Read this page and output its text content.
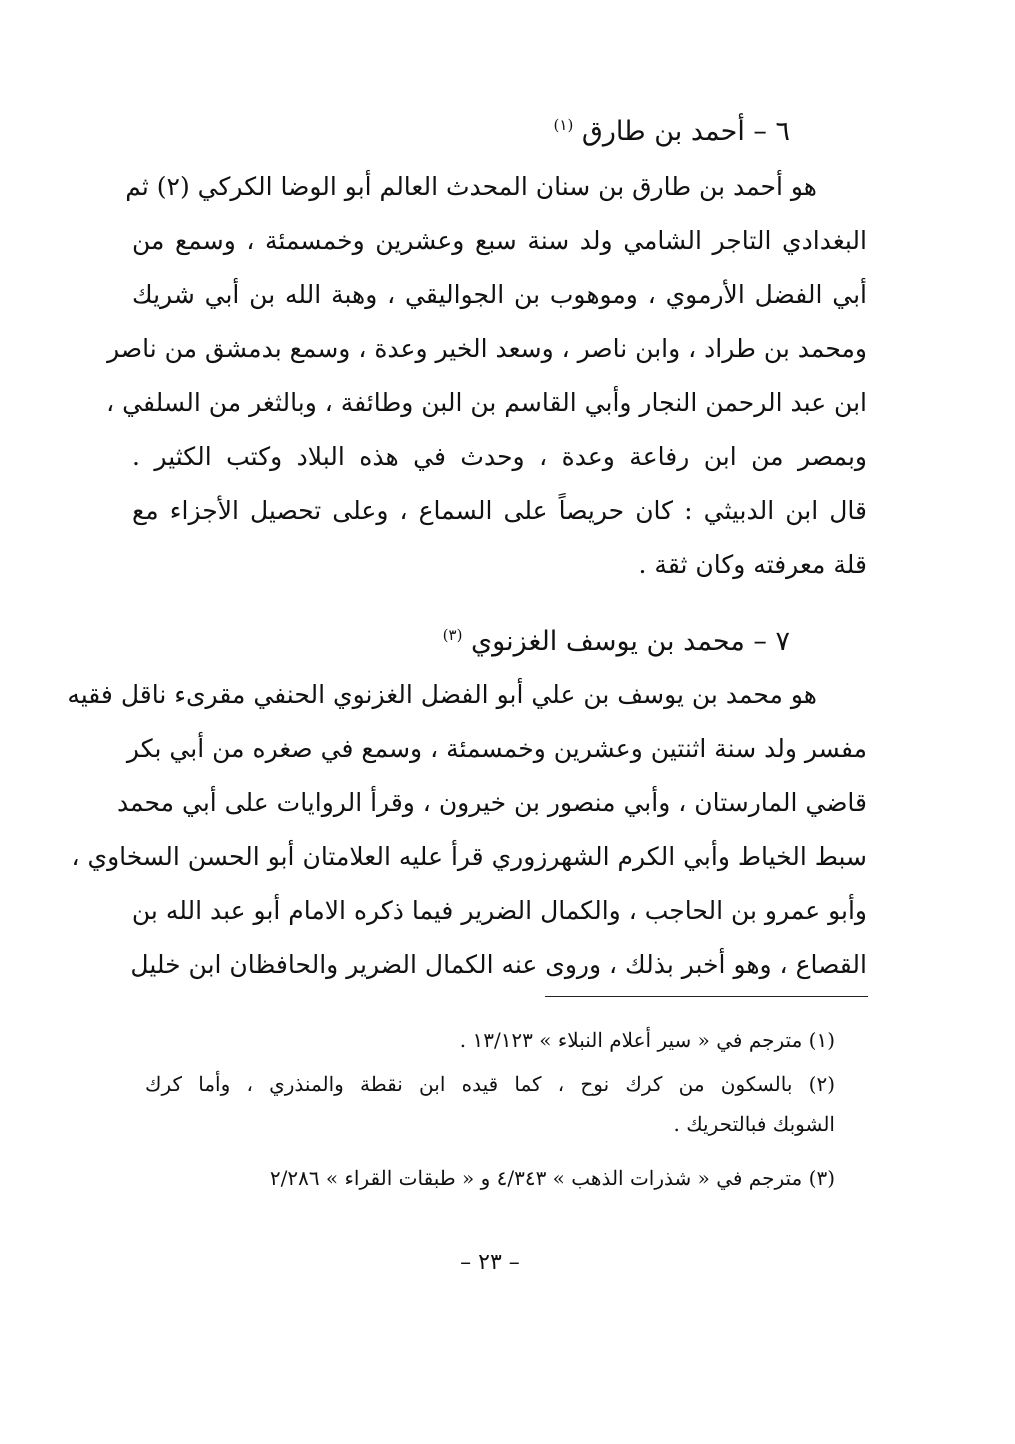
٦ – أحمد بن طارق $^{(١)}$
هو أحمد بن طارق بن سنان المحدث العالم أبو الوضا الكركي (٢) ثم
البغدادي التاجر الشامي ولد سنة سبع وعشرين وخمسمئة ، وسمع من
أبي الفضل الأرموي ، وموهوب بن الجواليقي ، وهبة الله بن أبي شريك
ومحمد بن طراد ، وابن ناصر ، وسعد الخير وعدة ، وسمع بدمشق من ناصر
ابن عبد الرحمن النجار وأبي القاسم بن البن وطائفة ، وبالثغر من السلفي ،
وبمصر من ابن رفاعة وعدة ، وحدث في هذه البلاد وكتب الكثير .
قال ابن الدبيثي : كان حريصاً على السماع ، وعلى تحصيل الأجزاء مع
قلة معرفته وكان ثقة .
٧ – محمد بن يوسف الغزنوي $^{(٣)}$
هو محمد بن يوسف بن علي أبو الفضل الغزنوي الحنفي مقرىء ناقل فقيه
مفسر ولد سنة اثنتين وعشرين وخمسمئة ، وسمع في صغره من أبي بكر
قاضي المارستان ، وأبي منصور بن خيرون ، وقرأ الروايات على أبي محمد
سبط الخياط وأبي الكرم الشهرزوري قرأ عليه العلامتان أبو الحسن السخاوي ،
وأبو عمرو بن الحاجب ، والكمال الضرير فيما ذكره الامام أبو عبد الله بن
القصاع ، وهو أخبر بذلك ، وروى عنه الكمال الضرير والحافظان ابن خليل
(١) مترجم في « سير أعلام النبلاء » ١٣/١٢٣ .
(٢) بالسكون من كرك نوح ، كما قيده ابن نقطة والمنذري ، وأما كرك
الشوبك فبالتحريك .
(٣) مترجم في « شذرات الذهب » ٤/٣٤٣ و « طبقات القراء » ٢/٢٨٦
– ٢٣ –
